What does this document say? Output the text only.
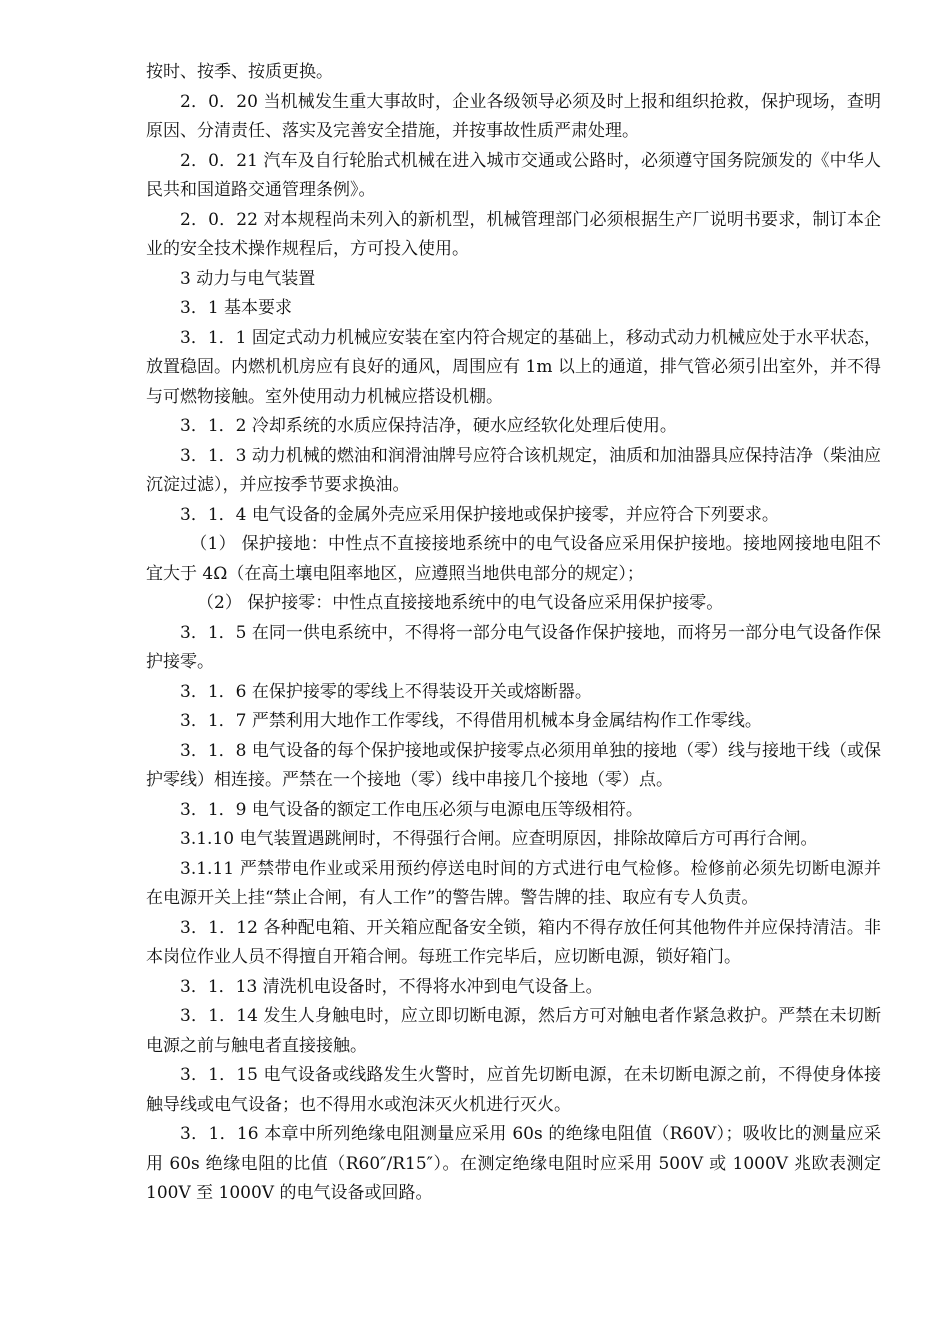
按时、按季、按质更换。

2．0．20 当机械发生重大事故时，企业各级领导必须及时上报和组织抢救，保护现场，查明原因、分清责任、落实及完善安全措施，并按事故性质严肃处理。

2．0．21 汽车及自行轮胎式机械在进入城市交通或公路时，必须遵守国务院颁发的《中华人民共和国道路交通管理条例》。

2．0．22 对本规程尚未列入的新机型，机械管理部门必须根据生产厂说明书要求，制订本企业的安全技术操作规程后，方可投入使用。

3 动力与电气装置

3．1 基本要求

3．1．1 固定式动力机械应安装在室内符合规定的基础上，移动式动力机械应处于水平状态，放置稳固。内燃机机房应有良好的通风，周围应有 1m 以上的通道，排气管必须引出室外，并不得与可燃物接触。室外使用动力机械应搭设机棚。

3．1．2 冷却系统的水质应保持洁净，硬水应经软化处理后使用。

3．1．3 动力机械的燃油和润滑油牌号应符合该机规定，油质和加油器具应保持洁净（柴油应沉淀过滤），并应按季节要求换油。

3．1．4 电气设备的金属外壳应采用保护接地或保护接零，并应符合下列要求。

（1） 保护接地：中性点不直接接地系统中的电气设备应采用保护接地。接地网接地电阻不宜大于 4Ω（在高土壤电阻率地区，应遵照当地供电部分的规定）；

（2） 保护接零：中性点直接接地系统中的电气设备应采用保护接零。

3．1．5 在同一供电系统中，不得将一部分电气设备作保护接地，而将另一部分电气设备作保护接零。

3．1．6 在保护接零的零线上不得装设开关或熔断器。

3．1．7 严禁利用大地作工作零线，不得借用机械本身金属结构作工作零线。

3．1．8 电气设备的每个保护接地或保护接零点必须用单独的接地（零）线与接地干线（或保护零线）相连接。严禁在一个接地（零）线中串接几个接地（零）点。

3．1．9 电气设备的额定工作电压必须与电源电压等级相符。

3.1.10 电气装置遇跳闸时，不得强行合闸。应查明原因，排除故障后方可再行合闸。

3.1.11 严禁带电作业或采用预约停送电时间的方式进行电气检修。检修前必须先切断电源并在电源开关上挂“禁止合闸，有人工作”的警告牌。警告牌的挂、取应有专人负责。

3．1．12 各种配电箱、开关箱应配备安全锁，箱内不得存放任何其他物件并应保持清洁。非本岗位作业人员不得擅自开箱合闸。每班工作完毕后，应切断电源，锁好箱门。

3．1．13 清洗机电设备时，不得将水冲到电气设备上。

3．1．14 发生人身触电时，应立即切断电源，然后方可对触电者作紧急救护。严禁在未切断电源之前与触电者直接接触。

3．1．15 电气设备或线路发生火警时，应首先切断电源，在未切断电源之前，不得使身体接触导线或电气设备；也不得用水或泡沫灭火机进行灭火。

3．1．16 本章中所列绝缘电阻测量应采用 60s 的绝缘电阻值（R60V）；吸收比的测量应采用 60s 绝缘电阻的比值（R60″/R15″）。在测定绝缘电阻时应采用 500V 或 1000V 兆欧表测定 100V 至 1000V 的电气设备或回路。
